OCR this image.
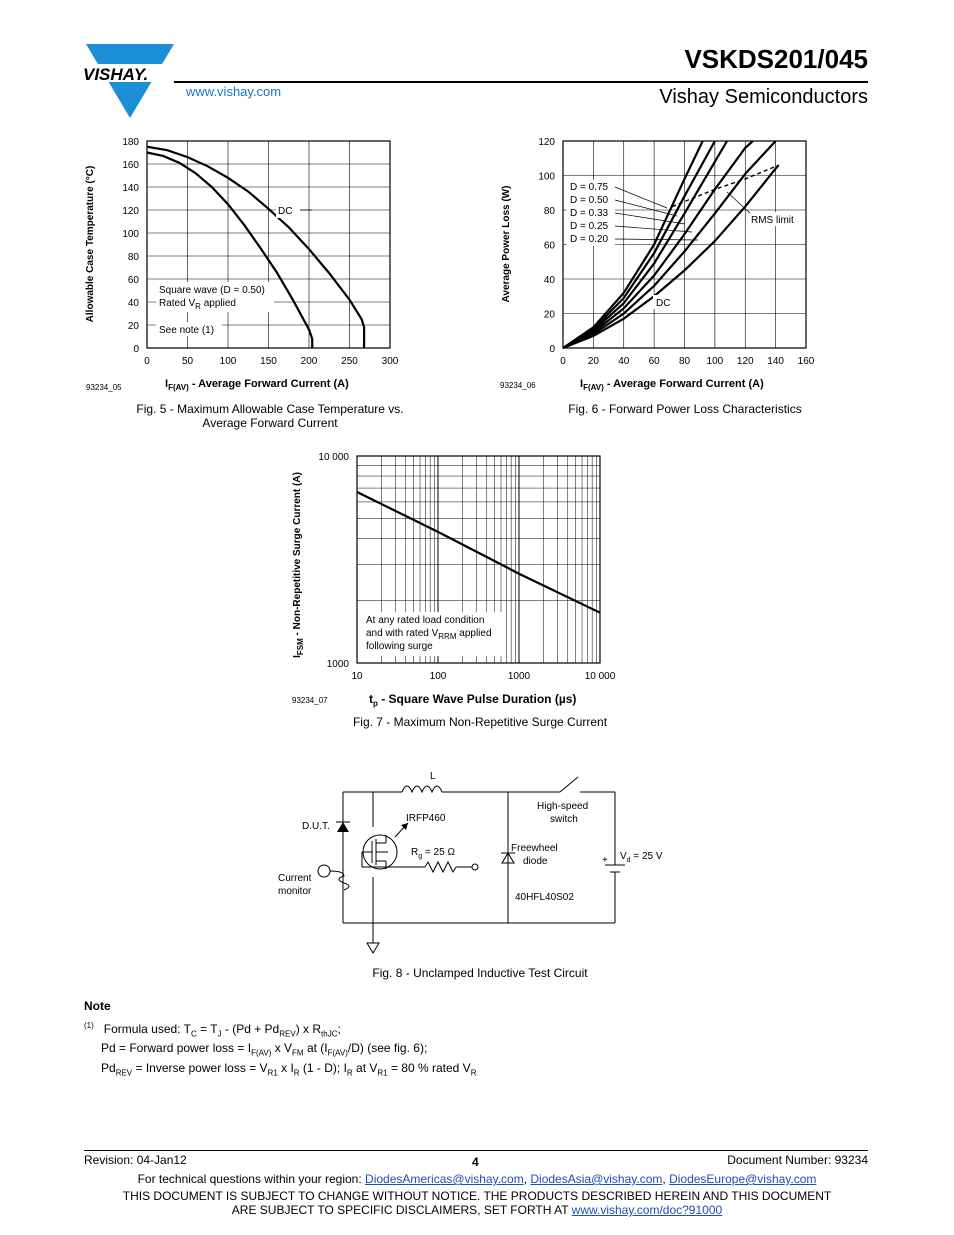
VISHAY.
www.vishay.com
VSKDS201/045
Vishay Semiconductors
0	50	100 150 200 250 300
0
20
40
60
80
100
120
140
160
180
DC
Square wave (D = 0.50)
Rated $V_R$ applied
See note (1)
93234_05	$I_{F(AV)}$ - Average Forward Current (A)
Allowable Case Temperature (°C)
Fig. 5 - Maximum Allowable Case Temperature vs.
Average Forward Current
0 20 40 60 80 100 120 140 160
0
20
40
60
80
100
120
D = 0.75
D = 0.50
D = 0.33
D = 0.25
D = 0.20
RMS limit
DC
93234_06	$I_{F(AV)}$ - Average Forward Current (A)
Average Power Loss (W)
Fig. 6 - Forward Power Loss Characteristics
10	100	1000	10 000
1000
10 000
At any rated load condition
and with rated $V_{RRM}$ applied
following surge
93234_07	$t_p$ - Square Wave Pulse Duration (µs)
$I_{FSM}$ - Non-Repetitive Surge Current (A)
Fig. 7 - Maximum Non-Repetitive Surge Current
L
High-speed
switch
D.U.T.
IRFP460
$R_g = 25$ Ω	Freewheel
diode	+ $V_d = 25$ V
Current
monitor
40HFL40S02
Fig. 8 - Unclamped Inductive Test Circuit
Note
$^{(1)}$ Formula used: $T_C = T_J - (Pd + Pd_{REV})$ x $R_{thJC}$;
Pd = Forward power loss = $I_{F(AV)}$ x $V_{FM}$ at $(I_{F(AV)}/D)$ (see fig. 6);
$Pd_{REV}$ = Inverse power loss = $V_{R1}$ x $I_R$ (1 - D); $I_R$ at $V_{R1} = 80$ % rated $V_R$
Revision: 04-Jan12	4	Document Number: 93234
For technical questions within your region: DiodesAmericas@vishay.com, DiodesAsia@vishay.com, DiodesEurope@vishay.com
THIS DOCUMENT IS SUBJECT TO CHANGE WITHOUT NOTICE. THE PRODUCTS DESCRIBED HEREIN AND THIS DOCUMENT
ARE SUBJECT TO SPECIFIC DISCLAIMERS, SET FORTH AT www.vishay.com/doc?91000
